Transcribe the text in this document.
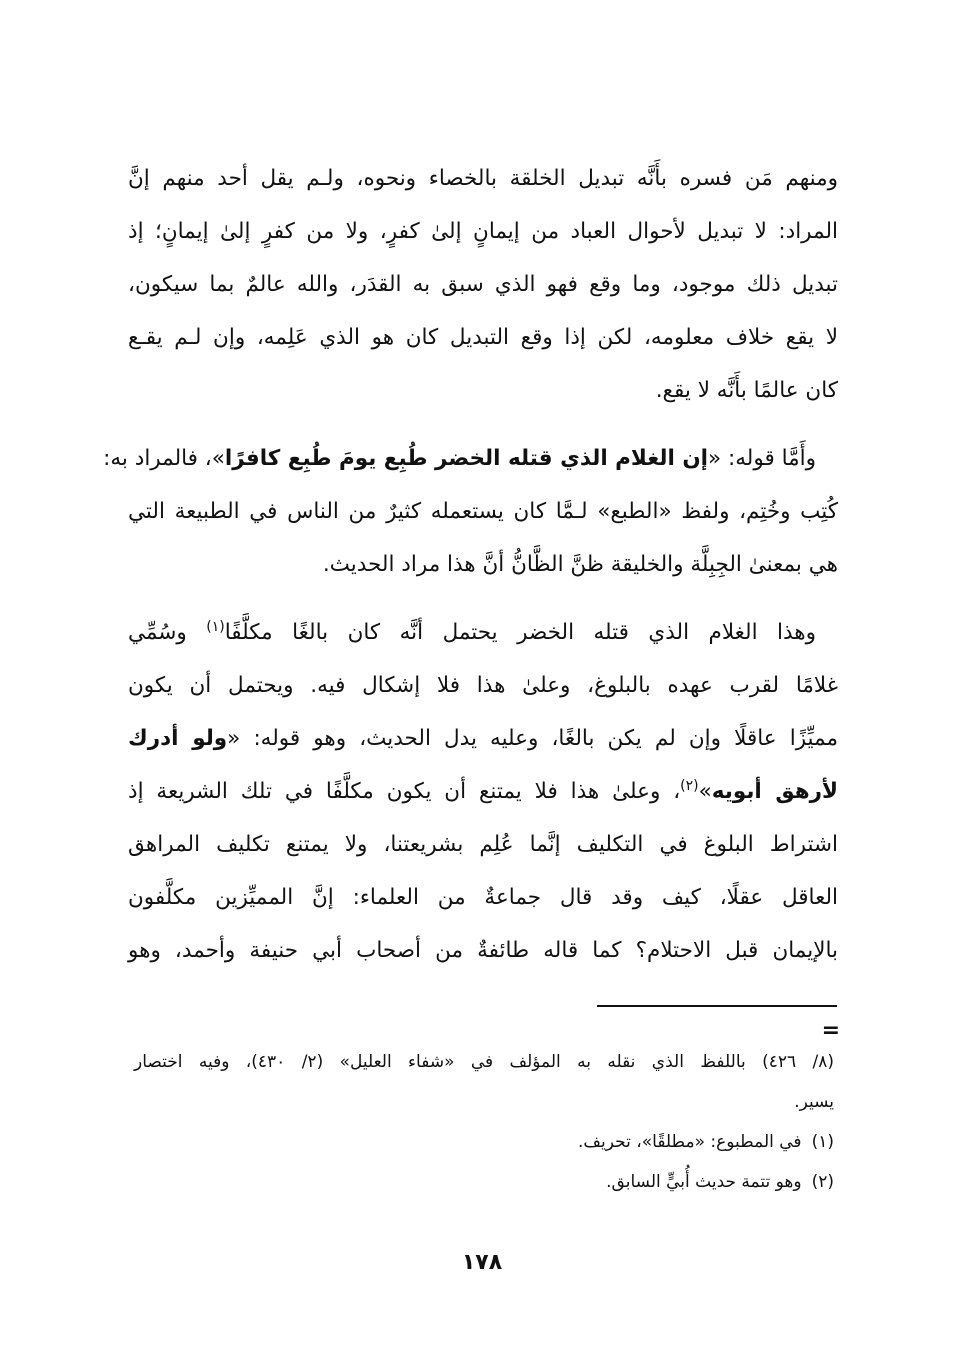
ومنهم مَن فسره بأَنَّه تبديل الخلقة بالخصاء ونحوه، ولـم يقل أحد منهم إنَّ
المراد: لا تبديل لأحوال العباد من إيمانٍ إلىٰ كفرٍ، ولا من كفرٍ إلىٰ إيمانٍ؛ إذ
تبديل ذلك موجود، وما وقع فهو الذي سبق به القدَر، والله عالمٌ بما سيكون،
لا يقع خلاف معلومه، لكن إذا وقع التبديل كان هو الذي عَلِمه، وإن لـم يقـع
كان عالمًا بأَنَّه لا يقع.
وأَمَّا قوله: «إن الغلام الذي قتله الخضر طُبِع يومَ طُبِع كافرًا»، فالمراد به:
كُتِب وخُتِم، ولفظ «الطبع» لـمَّا كان يستعمله كثيرٌ من الناس في الطبيعة التي
هي بمعنىٰ الجِبِلَّة والخليقة ظنَّ الظَّانُّ أنَّ هذا مراد الحديث.
وهذا الغلام الذي قتله الخضر يحتمل أنَّه كان بالغًا مكلَّفًا$^{(١)}$ وسُمِّي
غلامًا لقرب عهده بالبلوغ، وعلىٰ هذا فلا إشكال فيه. ويحتمل أن يكون
مميِّزًا عاقلًا وإن لم يكن بالغًا، وعليه يدل الحديث، وهو قوله: «ولو أدرك
لأرهق أبويه»$^{(٢)}$، وعلىٰ هذا فلا يمتنع أن يكون مكلَّفًا في تلك الشريعة إذ
اشتراط البلوغ في التكليف إنَّما عُلِم بشريعتنا، ولا يمتنع تكليف المراهق
العاقل عقلًا، كيف وقد قال جماعةٌ من العلماء: إنَّ المميِّزين مكلَّفون
بالإيمان قبل الاحتلام؟ كما قاله طائفةٌ من أصحاب أبي حنيفة وأحمد، وهو
=
(٨/ ٤٢٦) باللفظ الذي نقله به المؤلف في «شفاء العليل» (٢/ ٤٣٠)، وفيه اختصار
يسير.
(١)في المطبوع: «مطلقًا»، تحريف.
(٢)وهو تتمة حديث أُبيٍّ السابق.
١٧٨
